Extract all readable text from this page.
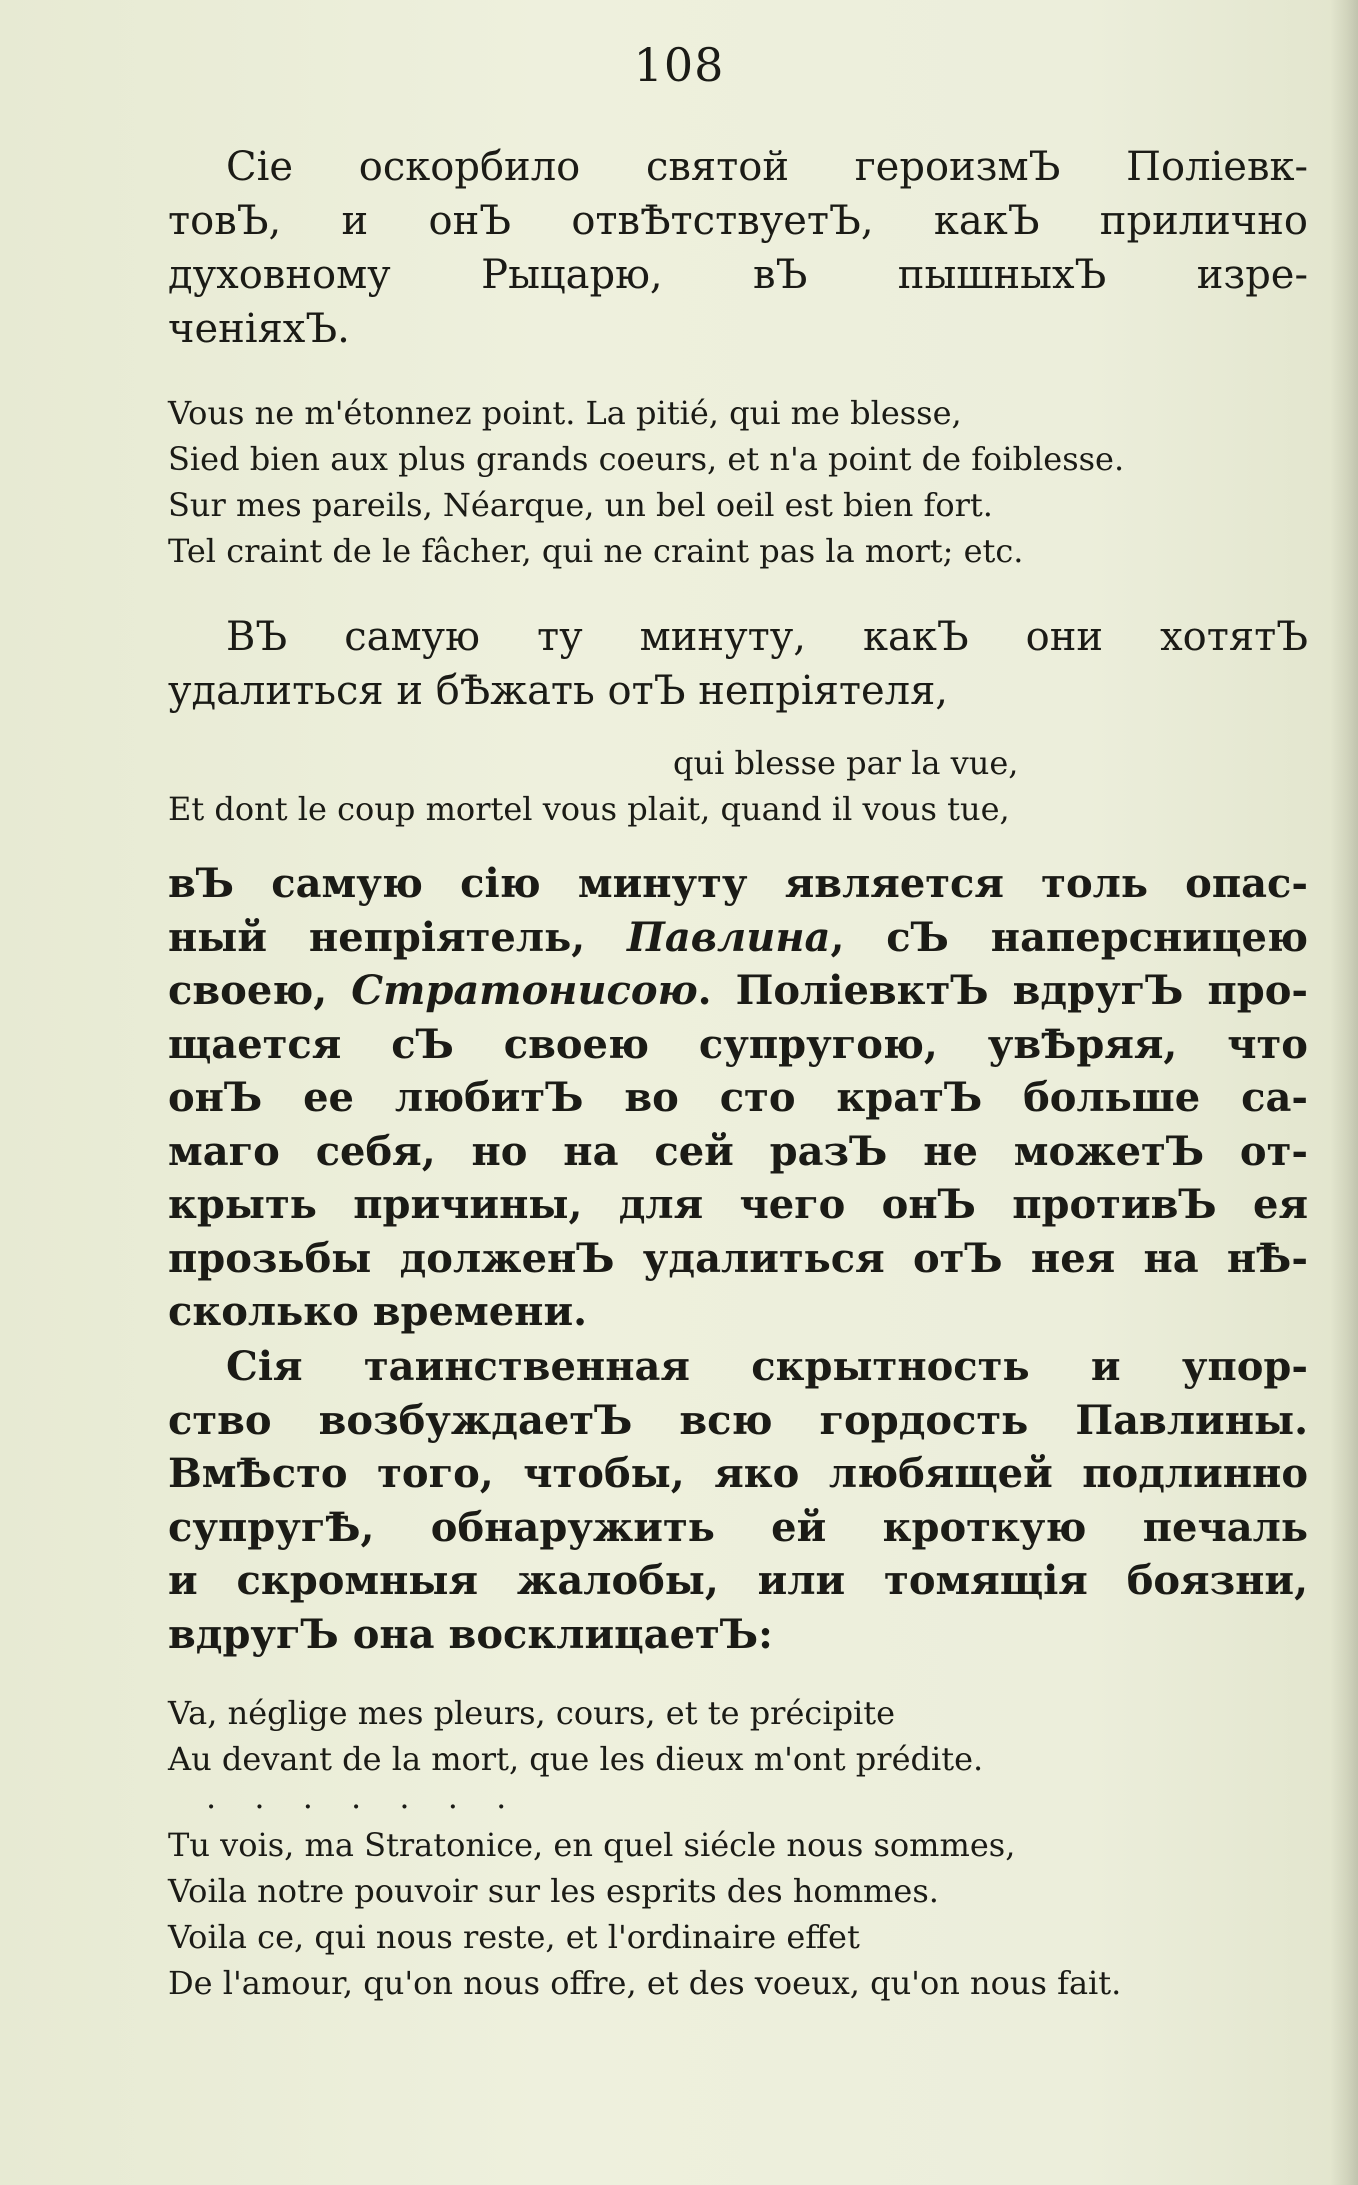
108
Сіе оскорбило святой героизмЪ Поліевк-
товЪ, и онЪ отвѢтствуетЪ, какЪ прилично
духовному Рыцарю, вЪ пышныхЪ изре-
ченіяхЪ.
Vous ne m'étonnez point. La pitié, qui me blesse,
Sied bien aux plus grands coeurs, et n'a point de foiblesse.
Sur mes pareils, Néarque, un bel oeil est bien fort.
Tel craint de le fâcher, qui ne craint pas la mort; etc.
ВЪ самую ту минуту, какЪ они хотятЪ
удалиться и бѢжать отЪ непріятеля,
qui blesse par la vue,
Et dont le coup mortel vous plait, quand il vous tue,
вЪ самую сію минуту является толь опас-
ный непріятель, Павлина, сЪ наперсницею
своею, Стратонисою. ПоліевктЪ вдругЪ про-
щается сЪ своею супругою, увѢряя, что
онЪ ее любитЪ во сто кратЪ больше са-
маго себя, но на сей разЪ не можетЪ от-
крыть причины, для чего онЪ противЪ ея
прозьбы долженЪ удалиться отЪ нея на нѢ-
сколько времени.
Сія таинственная скрытность и упор-
ство возбуждаетЪ всю гордость Павлины.
ВмѢсто того, чтобы, яко любящей подлинно
супругѢ, обнаружить ей кроткую печаль
и скромныя жалобы, или томящія боязни,
вдругЪ она восклицаетЪ:
Va, néglige mes pleurs, cours, et te précipite
Au devant de la mort, que les dieux m'ont prédite.
. . . . . . .
Tu vois, ma Stratonice, en quel siécle nous sommes,
Voila notre pouvoir sur les esprits des hommes.
Voila ce, qui nous reste, et l'ordinaire effet
De l'amour, qu'on nous offre, et des voeux, qu'on nous fait.
